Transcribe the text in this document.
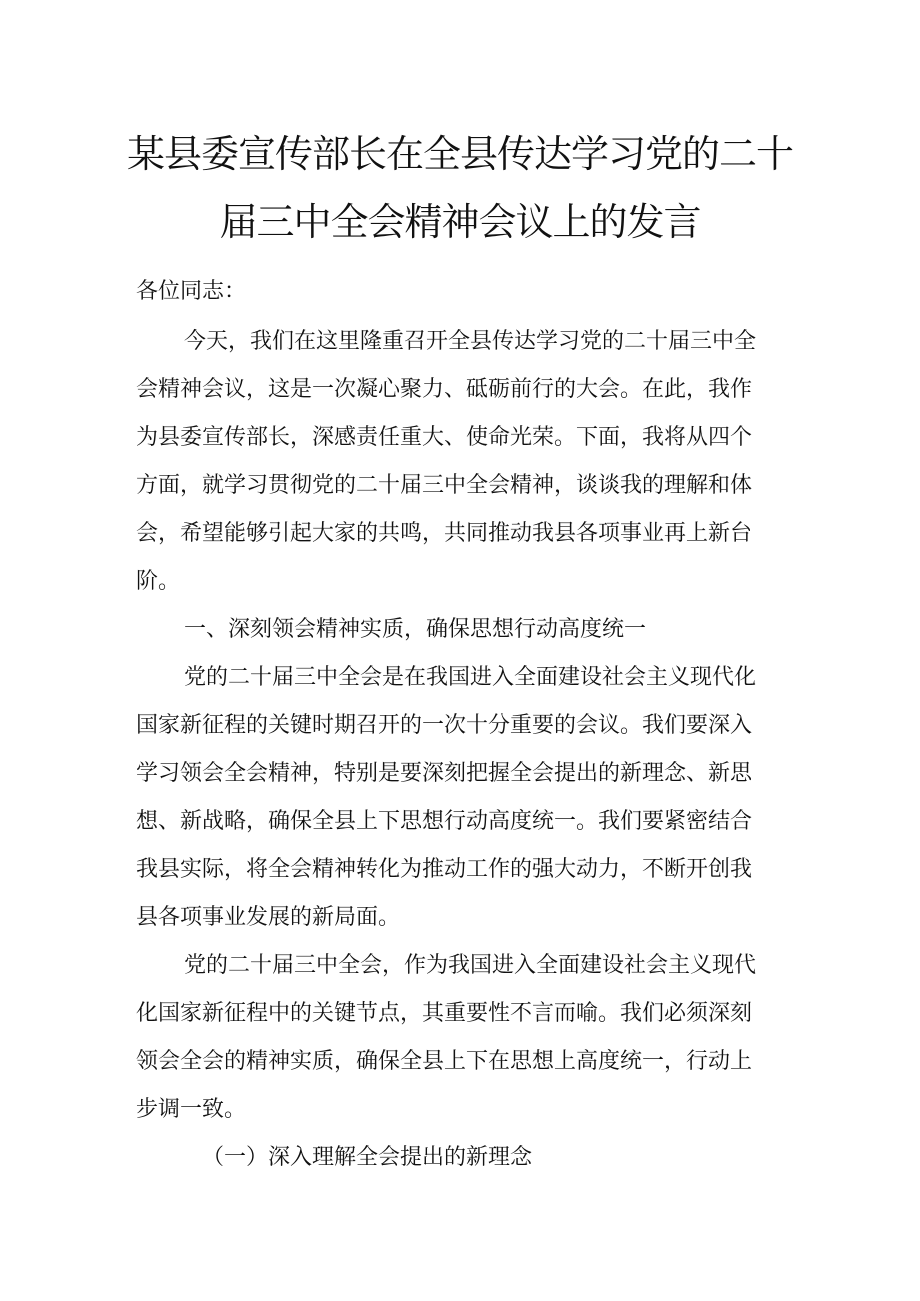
某县委宣传部长在全县传达学习党的二十
届三中全会精神会议上的发言
各位同志：
今天，我们在这里隆重召开全县传达学习党的二十届三中全
会精神会议，这是一次凝心聚力、砥砺前行的大会。在此，我作
为县委宣传部长，深感责任重大、使命光荣。下面，我将从四个
方面，就学习贯彻党的二十届三中全会精神，谈谈我的理解和体
会，希望能够引起大家的共鸣，共同推动我县各项事业再上新台
阶。
一、深刻领会精神实质，确保思想行动高度统一
党的二十届三中全会是在我国进入全面建设社会主义现代化
国家新征程的关键时期召开的一次十分重要的会议。我们要深入
学习领会全会精神，特别是要深刻把握全会提出的新理念、新思
想、新战略，确保全县上下思想行动高度统一。我们要紧密结合
我县实际，将全会精神转化为推动工作的强大动力，不断开创我
县各项事业发展的新局面。
党的二十届三中全会，作为我国进入全面建设社会主义现代
化国家新征程中的关键节点，其重要性不言而喻。我们必须深刻
领会全会的精神实质，确保全县上下在思想上高度统一，行动上
步调一致。
（一）深入理解全会提出的新理念
